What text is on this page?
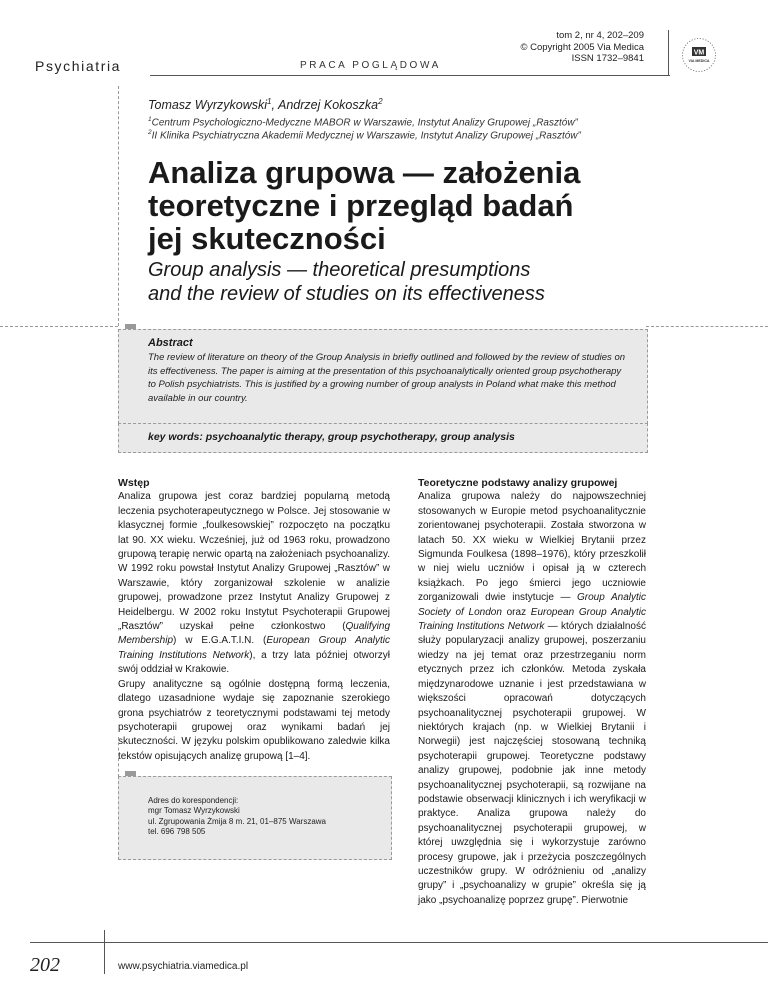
Psychiatria	PRACA POGLĄDOWA
tom 2, nr 4, 202–209
© Copyright 2005 Via Medica
ISSN 1732–9841	VM
VIA MEDICA
Tomasz Wyrzykowski$^1$, Andrzej Kokoszka$^2$
$^1$Centrum Psychologiczno-Medyczne MABOR w Warszawie, Instytut Analizy Grupowej „Rasztów”
$^2$II Klinika Psychiatryczna Akademii Medycznej w Warszawie, Instytut Analizy Grupowej „Rasztów”
Analiza grupowa — założenia
teoretyczne i przegląd badań
jej skuteczności
Group analysis — theoretical presumptions
and the review of studies on its effectiveness
Abstract
The review of literature on theory of the Group Analysis in briefly outlined and followed by the review of studies on its effectiveness. The paper is aiming at the presentation of this psychoanalytically oriented group psychotherapy to Polish psychiatrists. This is justified by a growing number of group analysts in Poland what make this method available in our country.
key words: psychoanalytic therapy, group psychotherapy, group analysis

Wstęp

Analiza grupowa jest coraz bardziej popularną metodą leczenia psychoterapeutycznego w Polsce. Jej stosowanie w klasycznej formie „foulkesowskiej” rozpoczęto na początku lat 90. XX wieku. Wcześniej, już od 1963 roku, prowadzono grupową terapię nerwic opartą na założeniach psychoanalizy. W 1992 roku powstał Instytut Analizy Grupowej „Rasztów” w Warszawie, który zorganizował szkolenie w analizie grupowej, prowadzone przez Instytut Analizy Grupowej z Heidelbergu. W 2002 roku Instytut Psychoterapii Grupowej „Rasztów” uzyskał pełne członkostwo (Qualifying Membership) w E.G.A.T.I.N. (European Group Analytic Training Institutions Network), a trzy lata później otworzył swój oddział w Krakowie.

Grupy analityczne są ogólnie dostępną formą leczenia, dlatego uzasadnione wydaje się zapoznanie szerokiego grona psychiatrów z teoretycznymi podstawami tej metody psychoterapii grupowej oraz wynikami badań jej skuteczności. W języku polskim opublikowano zaledwie kilka tekstów opisujących analizę grupową [1–4].

Adres do korespondencji:
mgr Tomasz Wyrzykowski
ul. Zgrupowania Żmija 8 m. 21, 01–875 Warszawa
tel. 696 798 505

Teoretyczne podstawy analizy grupowej

Analiza grupowa należy do najpowszechniej stosowanych w Europie metod psychoanalitycznie zorientowanej psychoterapii. Została stworzona w latach 50. XX wieku w Wielkiej Brytanii przez Sigmunda Foulkesa (1898–1976), który przeszkolił w niej wielu uczniów i opisał ją w czterech książkach. Po jego śmierci jego uczniowie zorganizowali dwie instytucje — Group Analytic Society of London oraz European Group Analytic Training Institutions Network — których działalność służy popularyzacji analizy grupowej, poszerzaniu wiedzy na jej temat oraz przestrzeganiu norm etycznych przez ich członków. Metoda zyskała międzynarodowe uznanie i jest przedstawiana w większości opracowań dotyczących psychoanalitycznej psychoterapii grupowej. W niektórych krajach (np. w Wielkiej Brytanii i Norwegii) jest najczęściej stosowaną techniką psychoterapii grupowej. Teoretyczne podstawy analizy grupowej, podobnie jak inne metody psychoanalitycznej psychoterapii, są rozwijane na podstawie obserwacji klinicznych i ich weryfikacji w praktyce. Analiza grupowa należy do psychoanalitycznej psychoterapii grupowej, w której uwzględnia się i wykorzystuje zarówno procesy grupowe, jak i przeżycia poszczególnych uczestników grupy. W odróżnieniu od „analizy grupy” i „psychoanalizy w grupie” określa się ją jako „psychoanalizę poprzez grupę”. Pierwotnie

202	www.psychiatria.viamedica.pl
